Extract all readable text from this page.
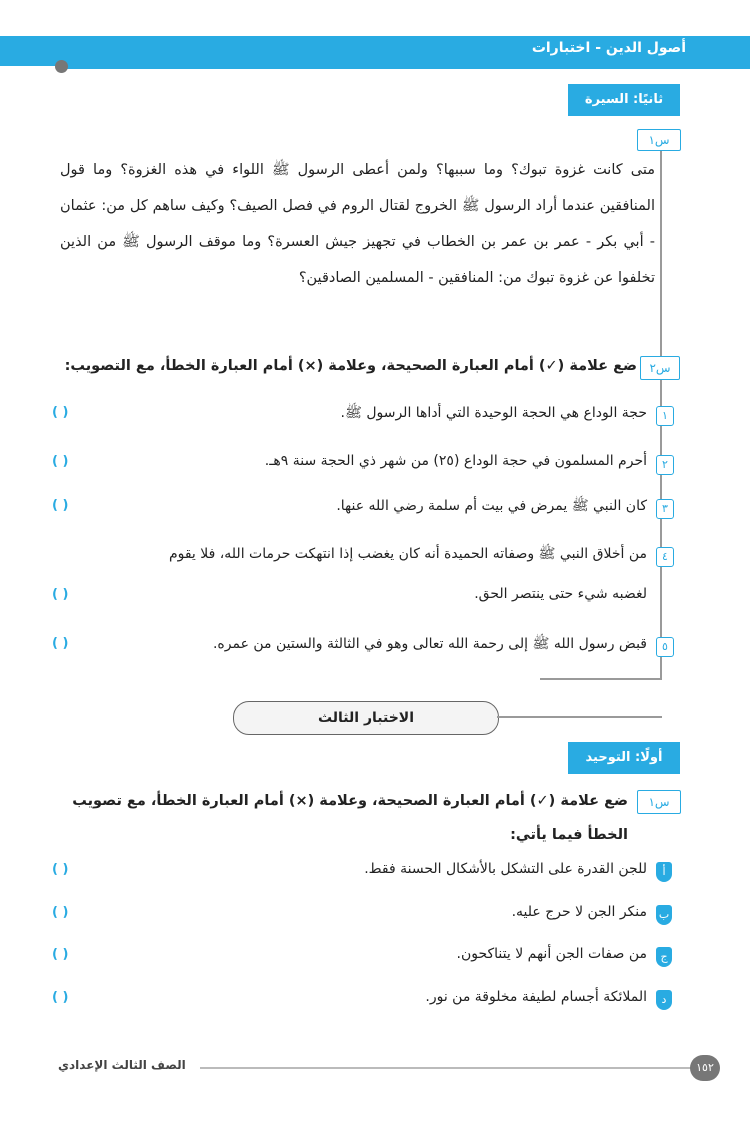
أصول الدين - اختبارات
ثانيًا: السيرة
س١
متى كانت غزوة تبوك؟ وما سببها؟ ولمن أعطى الرسول ﷺ اللواء في هذه الغزوة؟ وما قول المنافقين عندما أراد الرسول ﷺ الخروج لقتال الروم في فصل الصيف؟ وكيف ساهم كل من: عثمان - أبي بكر - عمر بن عمر بن الخطاب في تجهيز جيش العسرة؟ وما موقف الرسول ﷺ من الذين تخلفوا عن غزوة تبوك من: المنافقين - المسلمين الصادقين؟
س٢
ضع علامة (✓) أمام العبارة الصحيحة، وعلامة (×) أمام العبارة الخطأ، مع التصويب:
١
حجة الوداع هي الحجة الوحيدة التي أداها الرسول ﷺ.
( )
٢
أحرم المسلمون في حجة الوداع (٢٥) من شهر ذي الحجة سنة ٩هـ.
( )
٣
كان النبي ﷺ يمرض في بيت أم سلمة رضي الله عنها.
( )
٤
من أخلاق النبي ﷺ وصفاته الحميدة أنه كان يغضب إذا انتهكت حرمات الله، فلا يقوم
لغضبه شيء حتى ينتصر الحق.
( )
٥
قبض رسول الله ﷺ إلى رحمة الله تعالى وهو في الثالثة والستين من عمره.
( )
الاختبار الثالث
أولًا: التوحيد
س١
ضع علامة (✓) أمام العبارة الصحيحة، وعلامة (×) أمام العبارة الخطأ، مع تصويب الخطأ فيما يأتي:
أ
للجن القدرة على التشكل بالأشكال الحسنة فقط.
( )
ب
منكر الجن لا حرج عليه.
( )
ج
من صفات الجن أنهم لا يتناكحون.
( )
د
الملائكة أجسام لطيفة مخلوقة من نور.
( )
الصف الثالث الإعدادي	١٥٢
